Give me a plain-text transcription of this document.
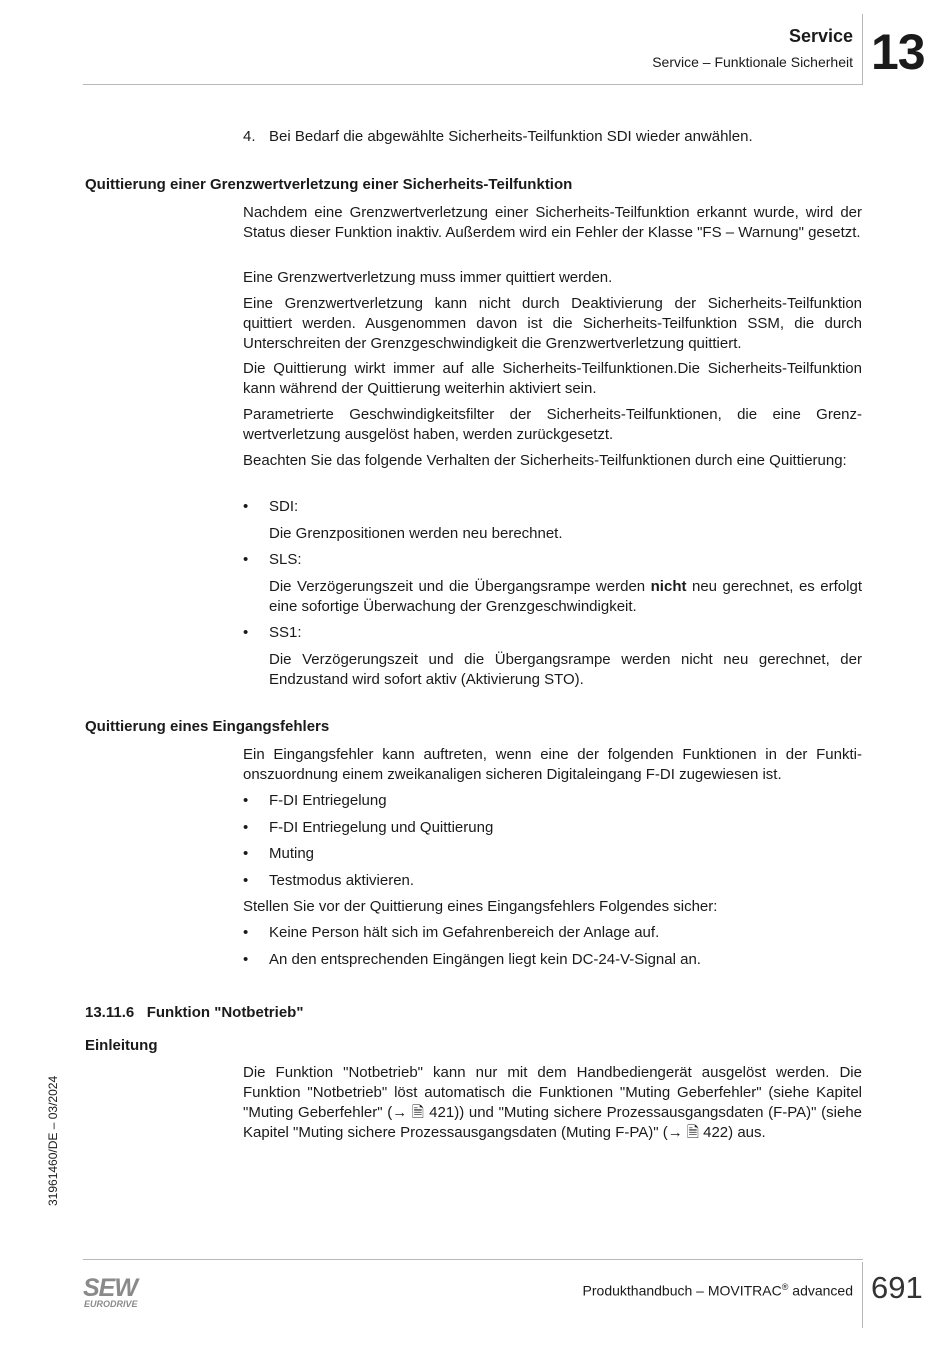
Service
Service – Funktionale Sicherheit 13
4. Bei Bedarf die abgewählte Sicherheits-Teilfunktion SDI wieder anwählen.
Quittierung einer Grenzwertverletzung einer Sicherheits-Teilfunktion
Nachdem eine Grenzwertverletzung einer Sicherheits-Teilfunktion erkannt wurde, wird der Status dieser Funktion inaktiv. Außerdem wird ein Fehler der Klasse "FS – Warnung" gesetzt.
Eine Grenzwertverletzung muss immer quittiert werden.
Eine Grenzwertverletzung kann nicht durch Deaktivierung der Sicherheits-Teilfunktion quittiert werden. Ausgenommen davon ist die Sicherheits-Teilfunktion SSM, die durch Unterschreiten der Grenzgeschwindigkeit die Grenzwertverletzung quittiert.
Die Quittierung wirkt immer auf alle Sicherheits-Teilfunktionen.Die Sicherheits-Teilfunktion kann während der Quittierung weiterhin aktiviert sein.
Parametrierte Geschwindigkeitsfilter der Sicherheits-Teilfunktionen, die eine Grenzwertverletzung ausgelöst haben, werden zurückgesetzt.
Beachten Sie das folgende Verhalten der Sicherheits-Teilfunktionen durch eine Quittierung:
• SDI:
Die Grenzpositionen werden neu berechnet.
• SLS:
Die Verzögerungszeit und die Übergangsrampe werden nicht neu gerechnet, es erfolgt eine sofortige Überwachung der Grenzgeschwindigkeit.
• SS1:
Die Verzögerungszeit und die Übergangsrampe werden nicht neu gerechnet, der Endzustand wird sofort aktiv (Aktivierung STO).
Quittierung eines Eingangsfehlers
Ein Eingangsfehler kann auftreten, wenn eine der folgenden Funktionen in der Funktionszuordnung einem zweikanaligen sicheren Digitaleingang F-DI zugewiesen ist.
• F-DI Entriegelung
• F-DI Entriegelung und Quittierung
• Muting
• Testmodus aktivieren.
Stellen Sie vor der Quittierung eines Eingangsfehlers Folgendes sicher:
• Keine Person hält sich im Gefahrenbereich der Anlage auf.
• An den entsprechenden Eingängen liegt kein DC-24-V-Signal an.
13.11.6   Funktion "Notbetrieb"
Einleitung
Die Funktion "Notbetrieb" kann nur mit dem Handbediengerät ausgelöst werden. Die Funktion "Notbetrieb" löst automatisch die Funktionen "Muting Geberfehler" (siehe Kapitel "Muting Geberfehler" (→ 🗎 421)) und "Muting sichere Prozessausgangsdaten (F-PA)" (siehe Kapitel "Muting sichere Prozessausgangsdaten (Muting F-PA)" (→ 🗎 422) aus.
31961460/DE – 03/2024
SEW
EURODRIVE
Produkthandbuch – MOVITRAC® advanced 691
